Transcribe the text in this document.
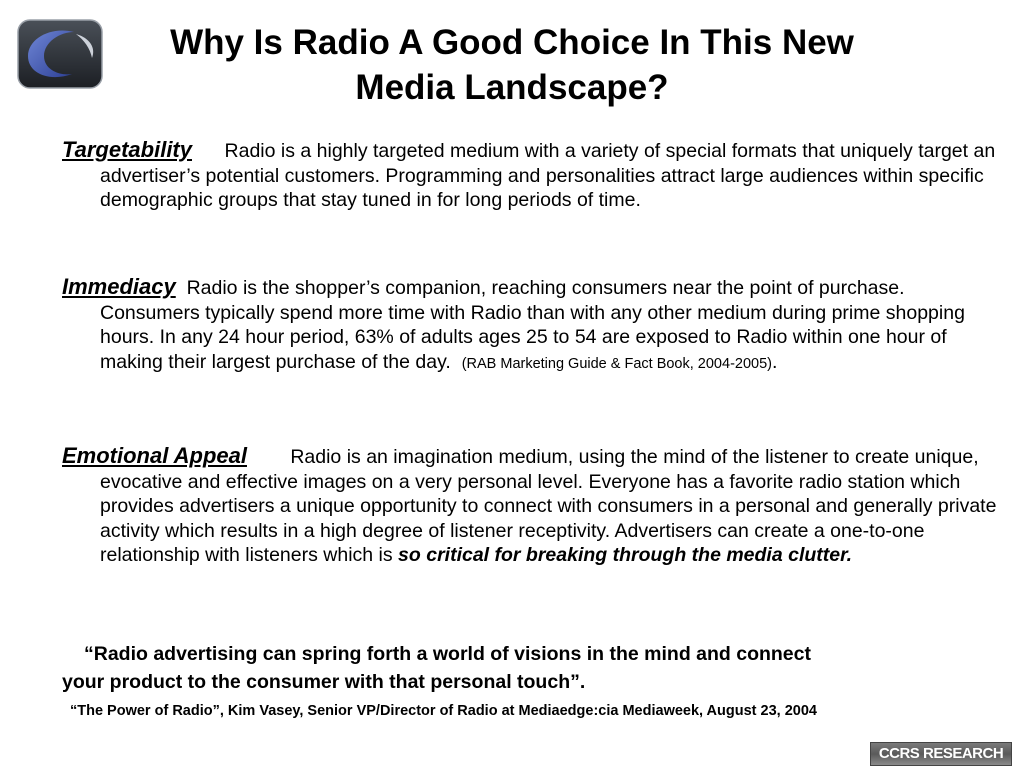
Why Is Radio A Good Choice In This New
Media Landscape?

Targetability Radio is a highly targeted medium with a variety of special formats that uniquely target an advertiser’s potential customers. Programming and personalities attract large audiences within specific demographic groups that stay tuned in for long periods of time.

Immediacy Radio is the shopper’s companion, reaching consumers near the point of purchase. Consumers typically spend more time with Radio than with any other medium during prime shopping hours. In any 24 hour period, 63% of adults ages 25 to 54 are exposed to Radio within one hour of making their largest purchase of the day. (RAB Marketing Guide & Fact Book, 2004-2005).

Emotional Appeal Radio is an imagination medium, using the mind of the listener to create unique, evocative and effective images on a very personal level. Everyone has a favorite radio station which provides advertisers a unique opportunity to connect with consumers in a personal and generally private activity which results in a high degree of listener receptivity. Advertisers can create a one-to-one relationship with listeners which is so critical for breaking through the media clutter.

“Radio advertising can spring forth a world of visions in the mind and connect
your product to the consumer with that personal touch”.

“The Power of Radio”, Kim Vasey, Senior VP/Director of Radio at Mediaedge:cia Mediaweek, August 23, 2004

CCRS RESEARCH
